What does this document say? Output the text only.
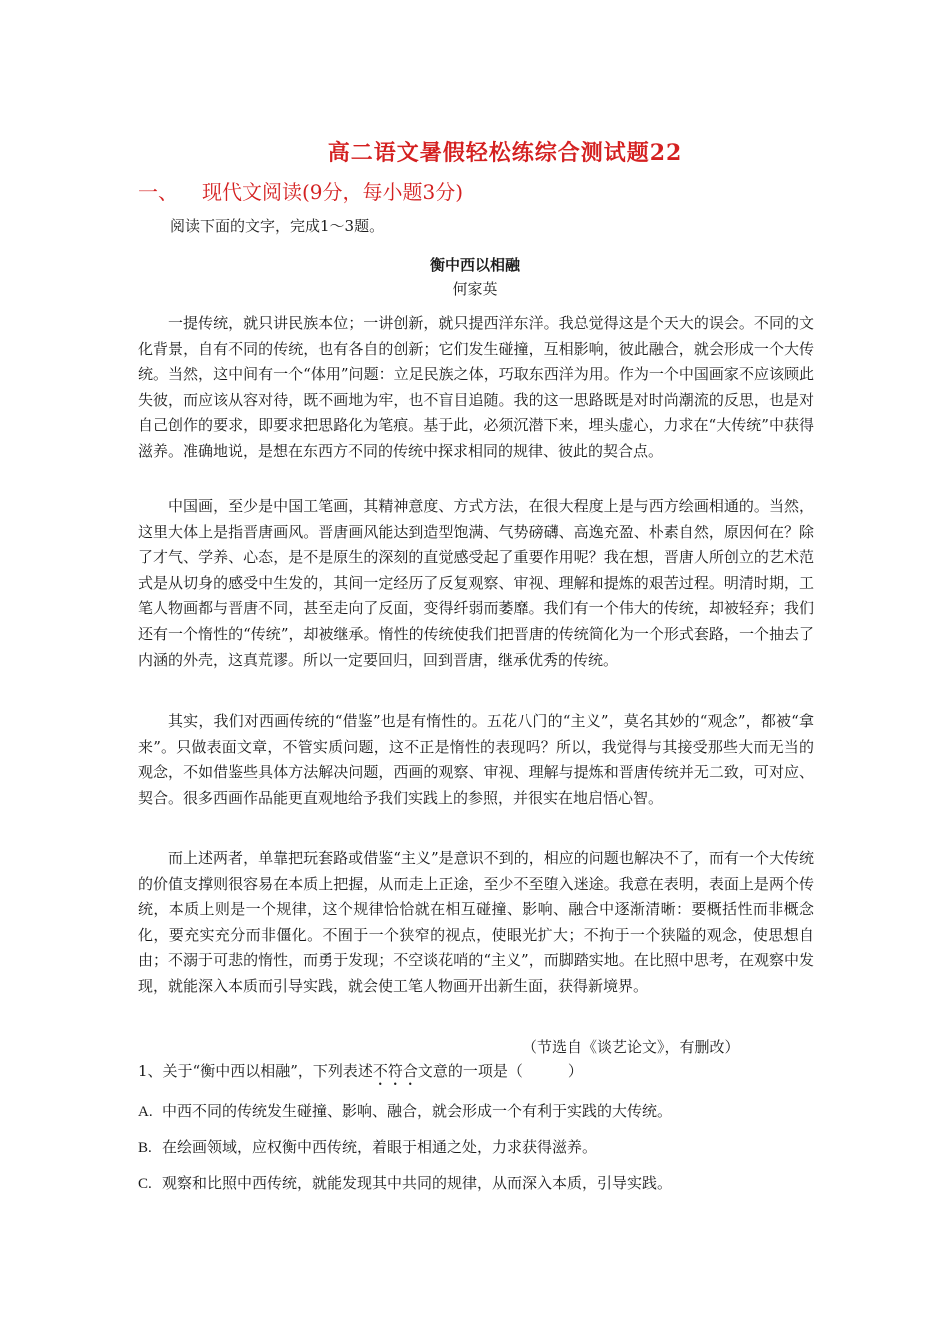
高二语文暑假轻松练综合测试题22
一、 现代文阅读(9分，每小题3分)
阅读下面的文字，完成1～3题。
衡中西以相融
何家英

一提传统，就只讲民族本位；一讲创新，就只提西洋东洋。我总觉得这是个天大的误会。不同的文化背景，自有不同的传统，也有各自的创新；它们发生碰撞，互相影响，彼此融合，就会形成一个大传统。当然，这中间有一个“体用”问题：立足民族之体，巧取东西洋为用。作为一个中国画家不应该顾此失彼，而应该从容对待，既不画地为牢，也不盲目追随。我的这一思路既是对时尚潮流的反思，也是对自己创作的要求，即要求把思路化为笔痕。基于此，必须沉潜下来，埋头虚心，力求在“大传统”中获得滋养。准确地说，是想在东西方不同的传统中探求相同的规律、彼此的契合点。

中国画，至少是中国工笔画，其精神意度、方式方法，在很大程度上是与西方绘画相通的。当然，这里大体上是指晋唐画风。晋唐画风能达到造型饱满、气势磅礴、高逸充盈、朴素自然，原因何在？除了才气、学养、心态，是不是原生的深刻的直觉感受起了重要作用呢？我在想，晋唐人所创立的艺术范式是从切身的感受中生发的，其间一定经历了反复观察、审视、理解和提炼的艰苦过程。明清时期，工笔人物画都与晋唐不同，甚至走向了反面，变得纤弱而萎靡。我们有一个伟大的传统，却被轻弃；我们还有一个惰性的“传统”，却被继承。惰性的传统使我们把晋唐的传统简化为一个形式套路，一个抽去了内涵的外壳，这真荒谬。所以一定要回归，回到晋唐，继承优秀的传统。

其实，我们对西画传统的“借鉴”也是有惰性的。五花八门的“主义”，莫名其妙的“观念”，都被“拿来”。只做表面文章，不管实质问题，这不正是惰性的表现吗？所以，我觉得与其接受那些大而无当的观念，不如借鉴些具体方法解决问题，西画的观察、审视、理解与提炼和晋唐传统并无二致，可对应、契合。很多西画作品能更直观地给予我们实践上的参照，并很实在地启悟心智。

而上述两者，单靠把玩套路或借鉴“主义”是意识不到的，相应的问题也解决不了，而有一个大传统的价值支撑则很容易在本质上把握，从而走上正途，至少不至堕入迷途。我意在表明，表面上是两个传统，本质上则是一个规律，这个规律恰恰就在相互碰撞、影响、融合中逐渐清晰：要概括性而非概念化，要充实充分而非僵化。不囿于一个狭窄的视点，使眼光扩大；不拘于一个狭隘的观念，使思想自由；不溺于可悲的惰性，而勇于发现；不空谈花哨的“主义”，而脚踏实地。在比照中思考，在观察中发现，就能深入本质而引导实践，就会使工笔人物画开出新生面，获得新境界。

（节选自《谈艺论文》，有删改）
1、关于“衡中西以相融”，下列表述不符合文意的一项是（　　　）
A. 中西不同的传统发生碰撞、影响、融合，就会形成一个有利于实践的大传统。
B. 在绘画领域，应权衡中西传统，着眼于相通之处，力求获得滋养。
C. 观察和比照中西传统，就能发现其中共同的规律，从而深入本质，引导实践。
